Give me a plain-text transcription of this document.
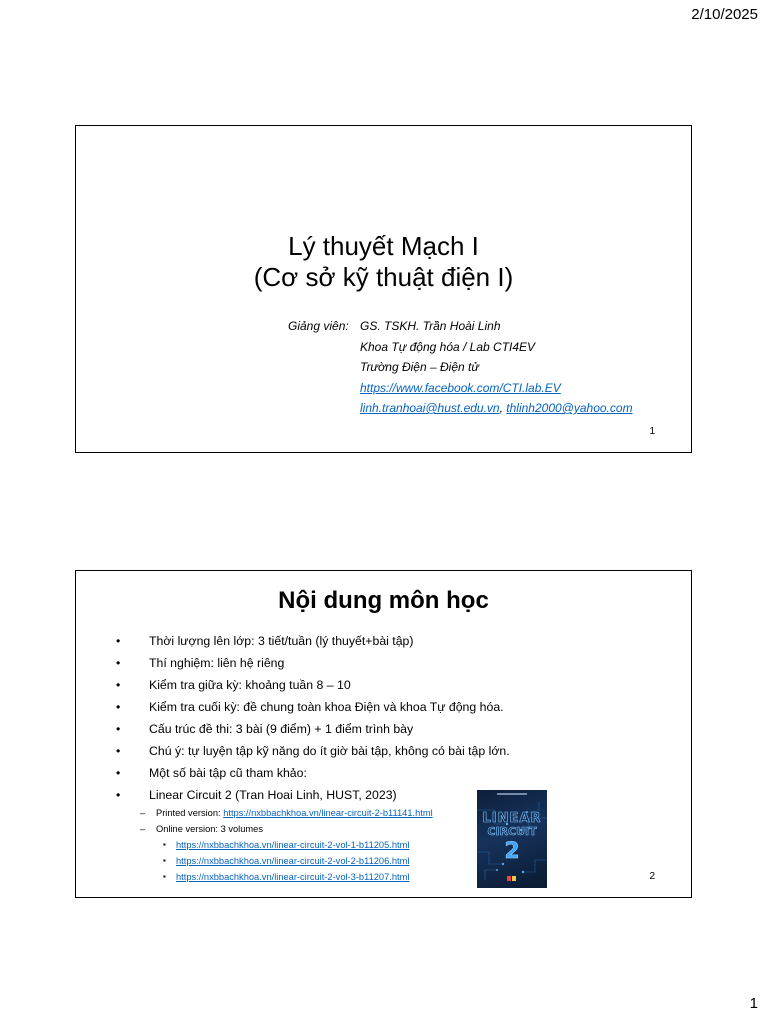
2/10/2025
Lý thuyết Mạch I
(Cơ sở kỹ thuật điện I)
Giảng viên: GS. TSKH. Trần Hoài Linh
Khoa Tự động hóa / Lab CTI4EV
Trường Điện – Điện tử
https://www.facebook.com/CTI.lab.EV
linh.tranhoai@hust.edu.vn ,
thlinh2000@yahoo.com
1
Nội dung môn học
• Thời lượng lên lớp: 3 tiết/tuần (lý thuyết+bài tập)
• Thí nghiệm: liên hệ riêng
• Kiểm tra giữa kỳ: khoảng tuần 8 – 10
• Kiểm tra cuối kỳ: đề chung toàn khoa Điện và khoa Tự động hóa.
• Cấu trúc đề thi: 3 bài (9 điểm) + 1 điểm trình bày
• Chú ý: tự luyện tập kỹ năng do ít giờ bài tập, không có bài tập lớn.
• Một số bài tập cũ tham khảo:
• Linear Circuit 2 (Tran Hoai Linh, HUST, 2023)
– Printed version: https://nxbbachkhoa.vn/linear-circuit-2-b11141.html
– Online version: 3 volumes
▪ https://nxbbachkhoa.vn/linear-circuit-2-vol-1-b11205.html
▪ https://nxbbachkhoa.vn/linear-circuit-2-vol-2-b11206.html
▪ https://nxbbachkhoa.vn/linear-circuit-2-vol-3-b11207.html
LINEAR
CIRCUIT
2
2
1
